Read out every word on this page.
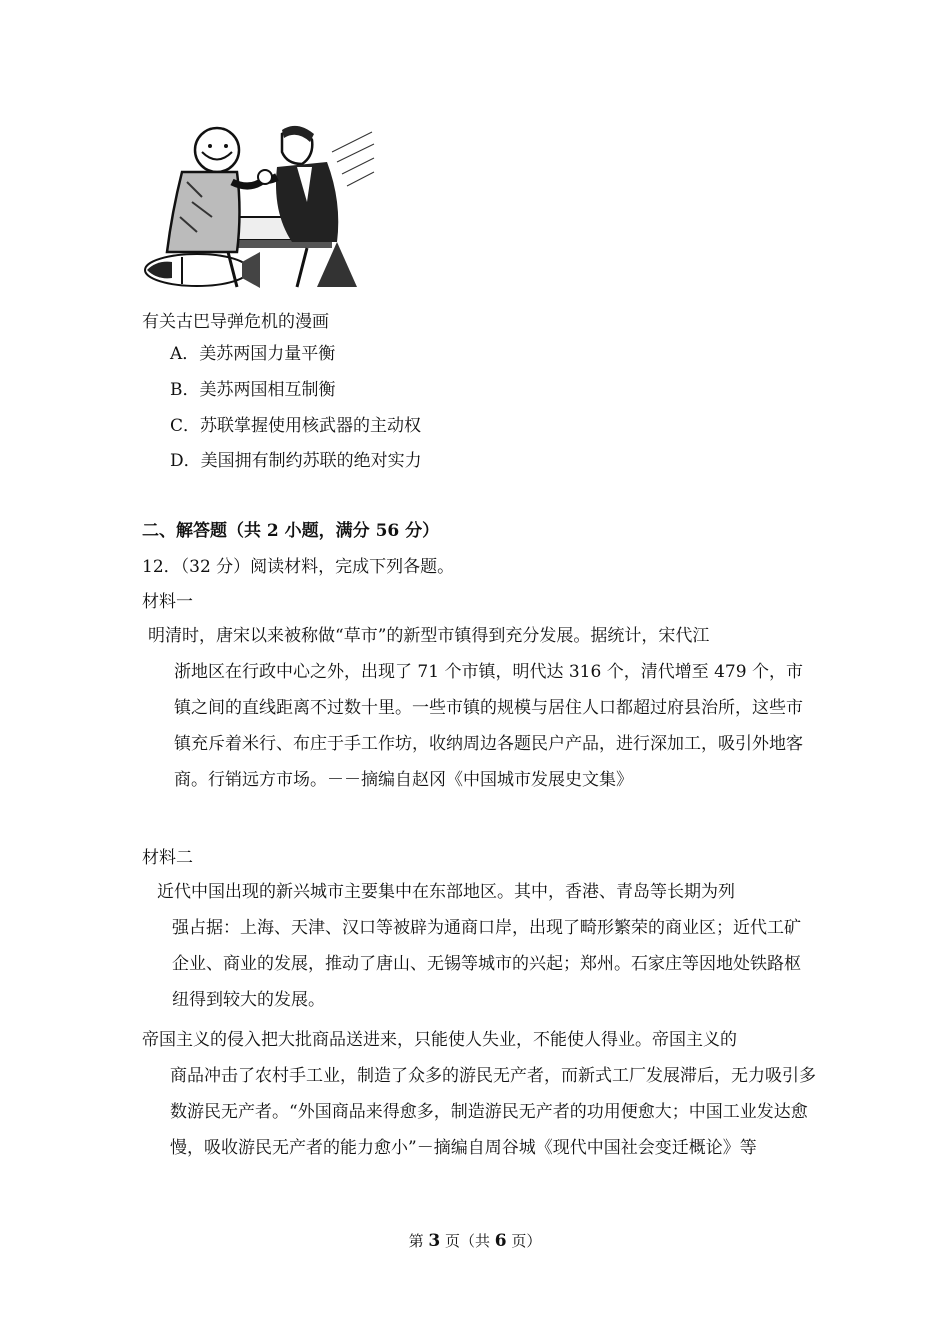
有关古巴导弹危机的漫画
A．美苏两国力量平衡
B．美苏两国相互制衡
C．苏联掌握使用核武器的主动权
D．美国拥有制约苏联的绝对实力
二、解答题（共 2 小题，满分 56 分）
12．（32 分）阅读材料，完成下列各题。
材料一
明清时，唐宋以来被称做“草市”的新型市镇得到充分发展。据统计，宋代江
浙地区在行政中心之外，出现了 71 个市镇，明代达 316 个，清代增至 479 个，市镇之间的直线距离不过数十里。一些市镇的规模与居住人口都超过府县治所，这些市镇充斥着米行、布庄于手工作坊，收纳周边各题民户产品，进行深加工，吸引外地客商。行销远方市场。－－摘编自赵冈《中国城市发展史文集》
材料二
近代中国出现的新兴城市主要集中在东部地区。其中，香港、青岛等长期为列
强占据：上海、天津、汉口等被辟为通商口岸，出现了畸形繁荣的商业区；近代工矿企业、商业的发展，推动了唐山、无锡等城市的兴起；郑州。石家庄等因地处铁路枢纽得到较大的发展。
帝国主义的侵入把大批商品送进来，只能使人失业，不能使人得业。帝国主义的
商品冲击了农村手工业，制造了众多的游民无产者，而新式工厂发展滞后，无力吸引多数游民无产者。“外国商品来得愈多，制造游民无产者的功用便愈大；中国工业发达愈慢，吸收游民无产者的能力愈小”－摘编自周谷城《现代中国社会变迁概论》等
第 3 页（共 6 页）
